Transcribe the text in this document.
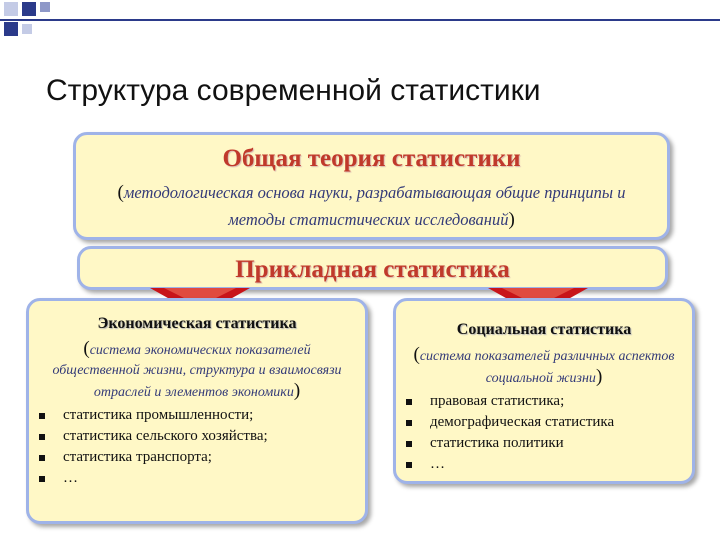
Структура современной статистики
Общая теория статистики
(методологическая основа науки, разрабатывающая общие принципы и методы статистических исследований)
Прикладная статистика
Экономическая статистика
(система экономических показателей общественной жизни, структура и взаимосвязи отраслей и элементов экономики)
статистика промышленности;
статистика сельского хозяйства;
статистика транспорта;
…
Социальная статистика
(система показателей различных аспектов социальной жизни)
правовая статистика;
демографическая статистика
статистика политики
…
